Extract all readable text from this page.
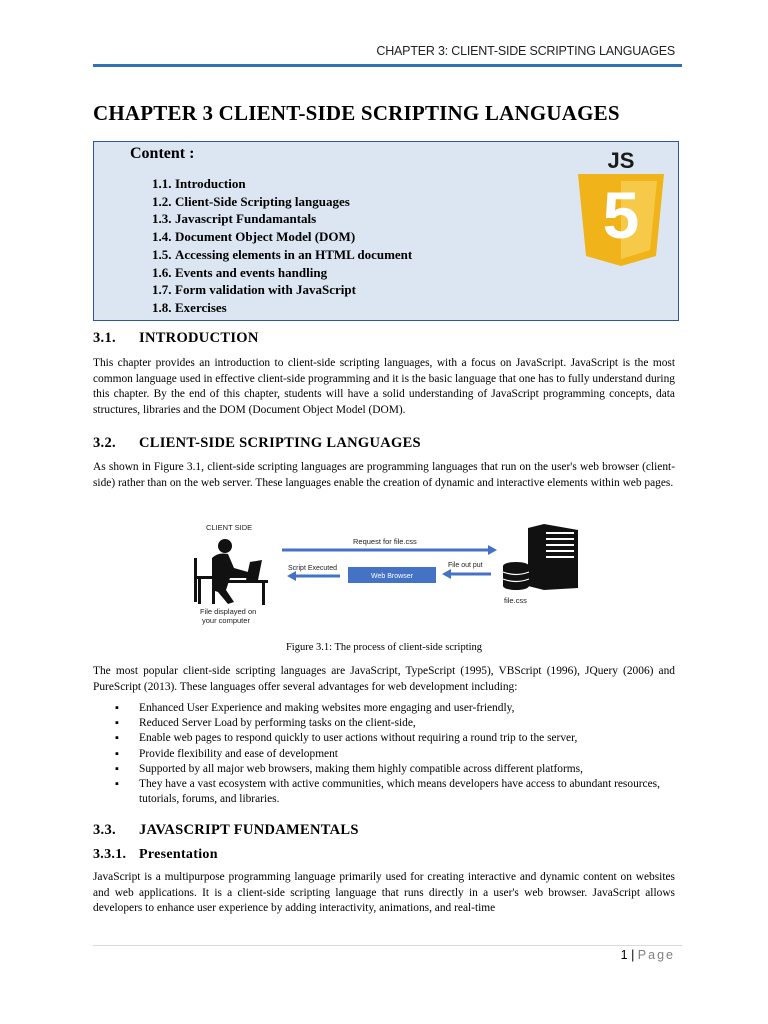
CHAPTER 3: CLIENT-SIDE SCRIPTING LANGUAGES
CHAPTER 3 CLIENT-SIDE SCRIPTING LANGUAGES
Content :
1.1. Introduction
1.2. Client-Side Scripting languages
1.3. Javascript Fundamantals
1.4. Document Object Model (DOM)
1.5. Accessing elements in an HTML document
1.6. Events and events handling
1.7. Form validation with JavaScript
1.8. Exercises
JS
5
3.1. INTRODUCTION

This chapter provides an introduction to client-side scripting languages, with a focus on JavaScript. JavaScript is the most common language used in effective client-side programming and it is the basic language that one has to fully understand during this chapter. By the end of this chapter, students will have a solid understanding of JavaScript programming concepts, data structures, libraries and the DOM (Document Object Model (DOM).

3.2. CLIENT-SIDE SCRIPTING LANGUAGES

As shown in Figure 3.1, client-side scripting languages are programming languages that run on the user's web browser (client-side) rather than on the web server. These languages enable the creation of dynamic and interactive elements within web pages.

CLIENT SIDE
File displayed on
your computer
Request for file.css
Web Browser
Script Executed	File out put
file.css
Figure 3.1: The process of client-side scripting

The most popular client-side scripting languages are JavaScript, TypeScript (1995), VBScript (1996), JQuery (2006) and PureScript (2013). These languages offer several advantages for web development including:

▪ Enhanced User Experience and making websites more engaging and user-friendly,
▪ Reduced Server Load by performing tasks on the client-side,
▪ Enable web pages to respond quickly to user actions without requiring a round trip to the server,
▪ Provide flexibility and ease of development
▪ Supported by all major web browsers, making them highly compatible across different platforms,
▪ They have a vast ecosystem with active communities, which means developers have access to abundant resources, tutorials, forums, and libraries.
3.3. JAVASCRIPT FUNDAMENTALS
3.3.1. Presentation

JavaScript is a multipurpose programming language primarily used for creating interactive and dynamic content on websites and web applications. It is a client-side scripting language that runs directly in a user's web browser. JavaScript allows developers to enhance user experience by adding interactivity, animations, and real-time

1 | Page
